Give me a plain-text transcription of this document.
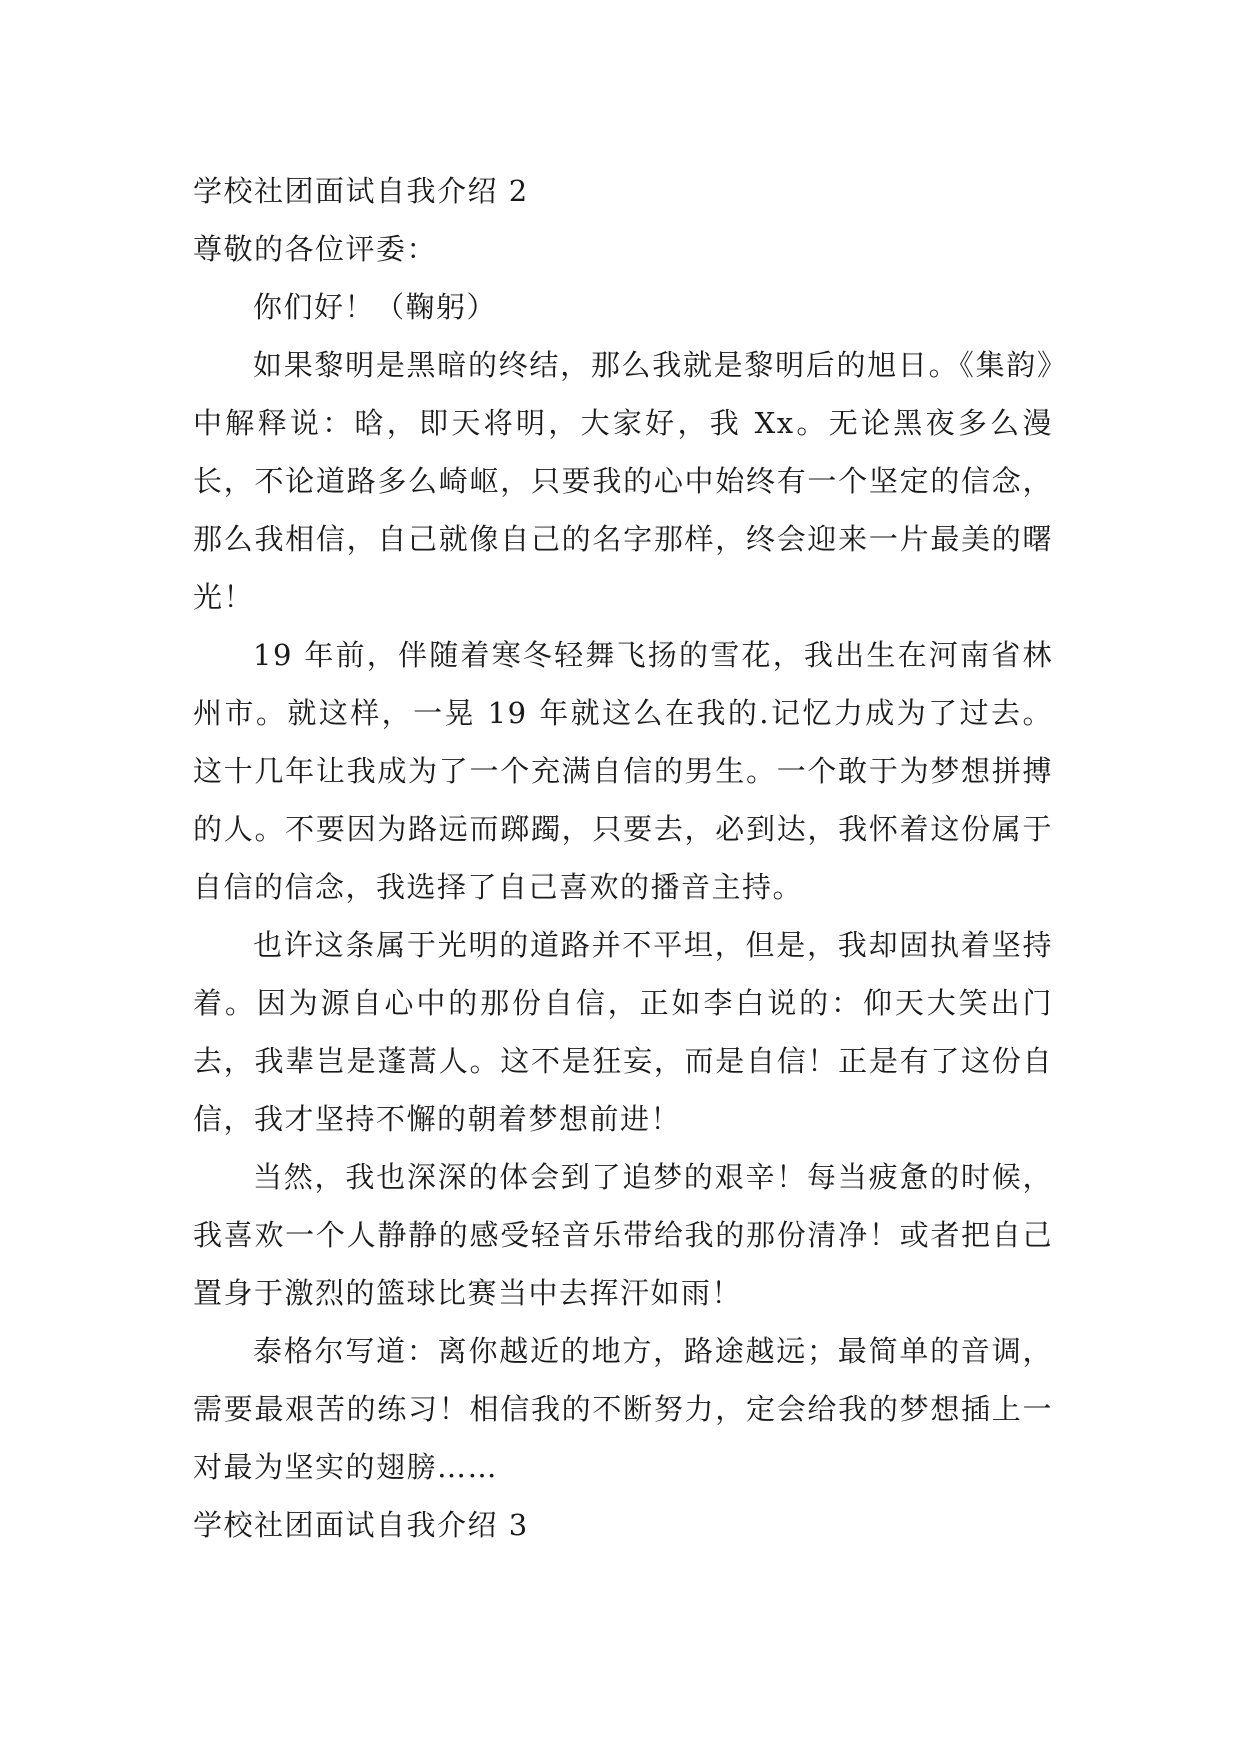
学校社团面试自我介绍 2
尊敬的各位评委：
你们好！（鞠躬）

如果黎明是黑暗的终结，那么我就是黎明后的旭日。《集韵》中解释说：晗，即天将明，大家好，我 Xx。无论黑夜多么漫长，不论道路多么崎岖，只要我的心中始终有一个坚定的信念，那么我相信，自己就像自己的名字那样，终会迎来一片最美的曙光！

19 年前，伴随着寒冬轻舞飞扬的雪花，我出生在河南省林州市。就这样，一晃 19 年就这么在我的.记忆力成为了过去。这十几年让我成为了一个充满自信的男生。一个敢于为梦想拼搏的人。不要因为路远而踯躅，只要去，必到达，我怀着这份属于自信的信念，我选择了自己喜欢的播音主持。

也许这条属于光明的道路并不平坦，但是，我却固执着坚持着。因为源自心中的那份自信，正如李白说的：仰天大笑出门去，我辈岂是蓬蒿人。这不是狂妄，而是自信！正是有了这份自信，我才坚持不懈的朝着梦想前进！

当然，我也深深的体会到了追梦的艰辛！每当疲惫的时候，我喜欢一个人静静的感受轻音乐带给我的那份清净！或者把自己置身于激烈的篮球比赛当中去挥汗如雨！

泰格尔写道：离你越近的地方，路途越远；最简单的音调，需要最艰苦的练习！相信我的不断努力，定会给我的梦想插上一对最为坚实的翅膀……

学校社团面试自我介绍 3
